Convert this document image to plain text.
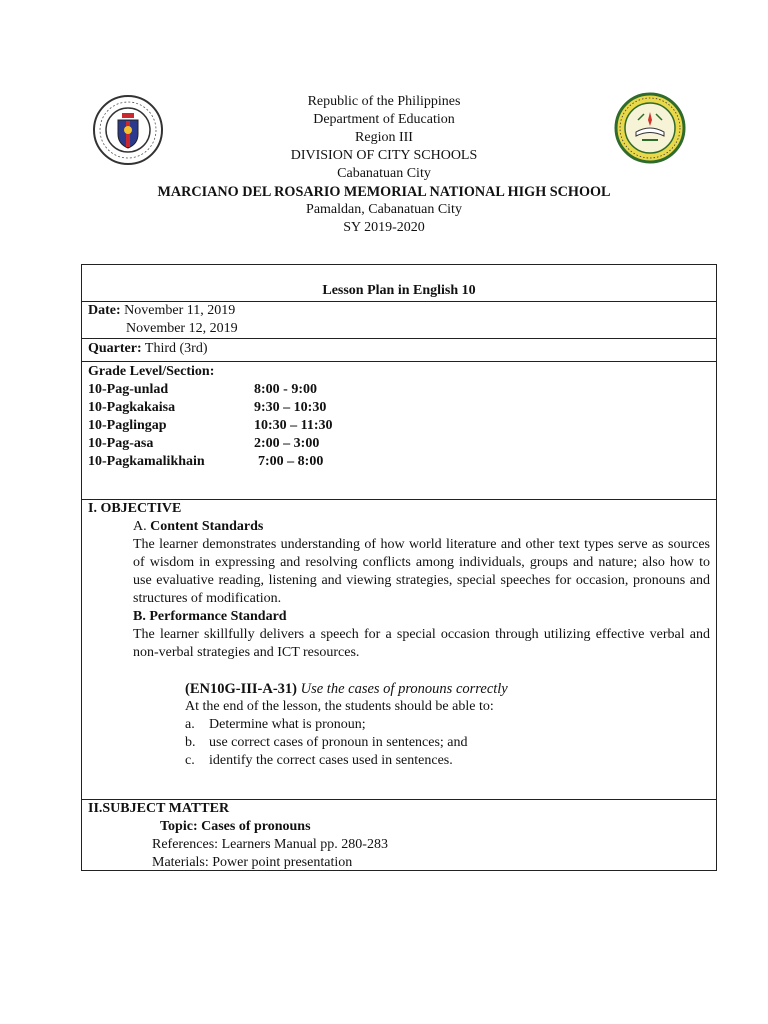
Republic of the Philippines
Department of Education
Region III
DIVISION OF CITY SCHOOLS
Cabanatuan City
MARCIANO DEL ROSARIO MEMORIAL NATIONAL HIGH SCHOOL
Pamaldan, Cabanatuan City
SY 2019-2020
Lesson Plan in English 10
Date: November 11, 2019
November 12, 2019
Quarter: Third (3rd)
Grade Level/Section:
10-Pag-unlad	8:00 - 9:00
10-Pagkakaisa	9:30 – 10:30
10-Paglingap	10:30 – 11:30
10-Pag-asa	2:00 – 3:00
10-Pagkamalikhain	7:00 – 8:00
I. OBJECTIVE
A. Content Standards
The learner demonstrates understanding of how world literature and other text types serve as sources of wisdom in expressing and resolving conflicts among individuals, groups and nature; also how to use evaluative reading, listening and viewing strategies, special speeches for occasion, pronouns and structures of modification.
B. Performance Standard
The learner skillfully delivers a speech for a special occasion through utilizing effective verbal and non-verbal strategies and ICT resources.
(EN10G-III-A-31) Use the cases of pronouns correctly
At the end of the lesson, the students should be able to:
a.	Determine what is pronoun;
b. use correct cases of pronoun in sentences; and
c.	identify the correct cases used in sentences.
II.SUBJECT MATTER
Topic: Cases of pronouns
References: Learners Manual pp. 280-283
Materials: Power point presentation
